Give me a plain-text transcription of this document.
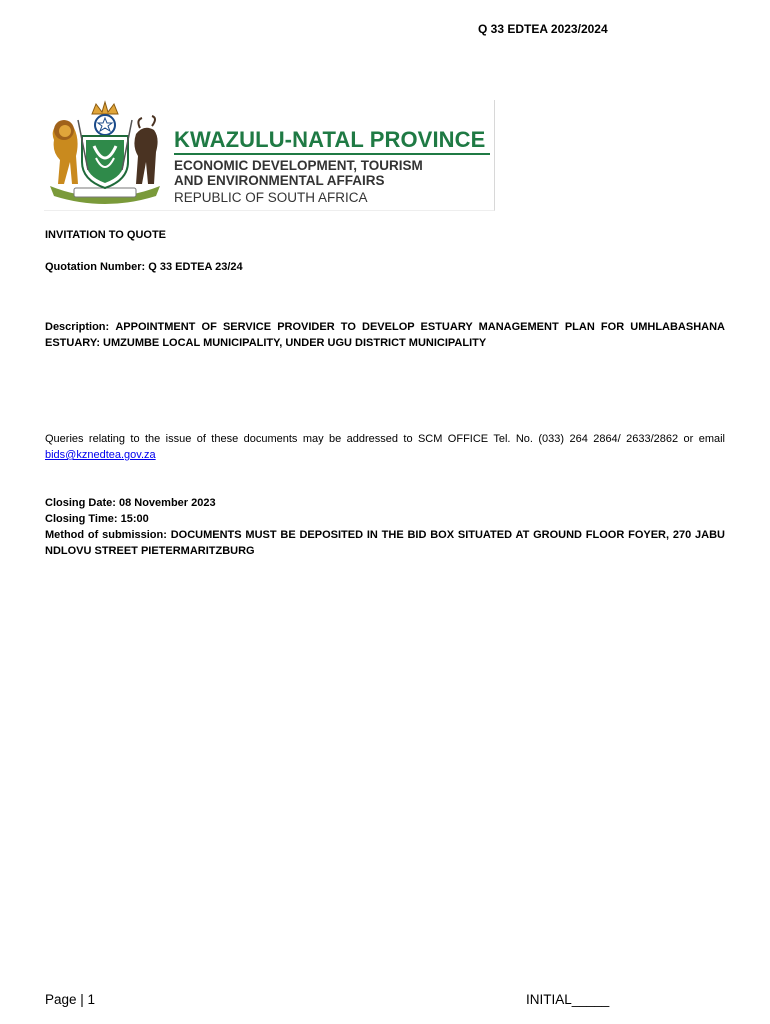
Q 33 EDTEA 2023/2024
KWAZULU-NATAL PROVINCE
ECONOMIC DEVELOPMENT, TOURISM
AND ENVIRONMENTAL AFFAIRS
REPUBLIC OF SOUTH AFRICA
INVITATION TO QUOTE
Quotation Number: Q 33 EDTEA 23/24
Description: APPOINTMENT OF SERVICE PROVIDER TO DEVELOP ESTUARY MANAGEMENT PLAN FOR UMHLABASHANA ESTUARY: UMZUMBE LOCAL MUNICIPALITY, UNDER UGU DISTRICT MUNICIPALITY
Queries relating to the issue of these documents may be addressed to SCM OFFICE Tel. No. (033) 264 2864/ 2633/2862 or email bids@kznedtea.gov.za
Closing Date: 08 November 2023
Closing Time: 15:00
Method of submission: DOCUMENTS MUST BE DEPOSITED IN THE BID BOX SITUATED AT GROUND FLOOR FOYER, 270 JABU NDLOVU STREET PIETERMARITZBURG
Page | 1	INITIAL_____
